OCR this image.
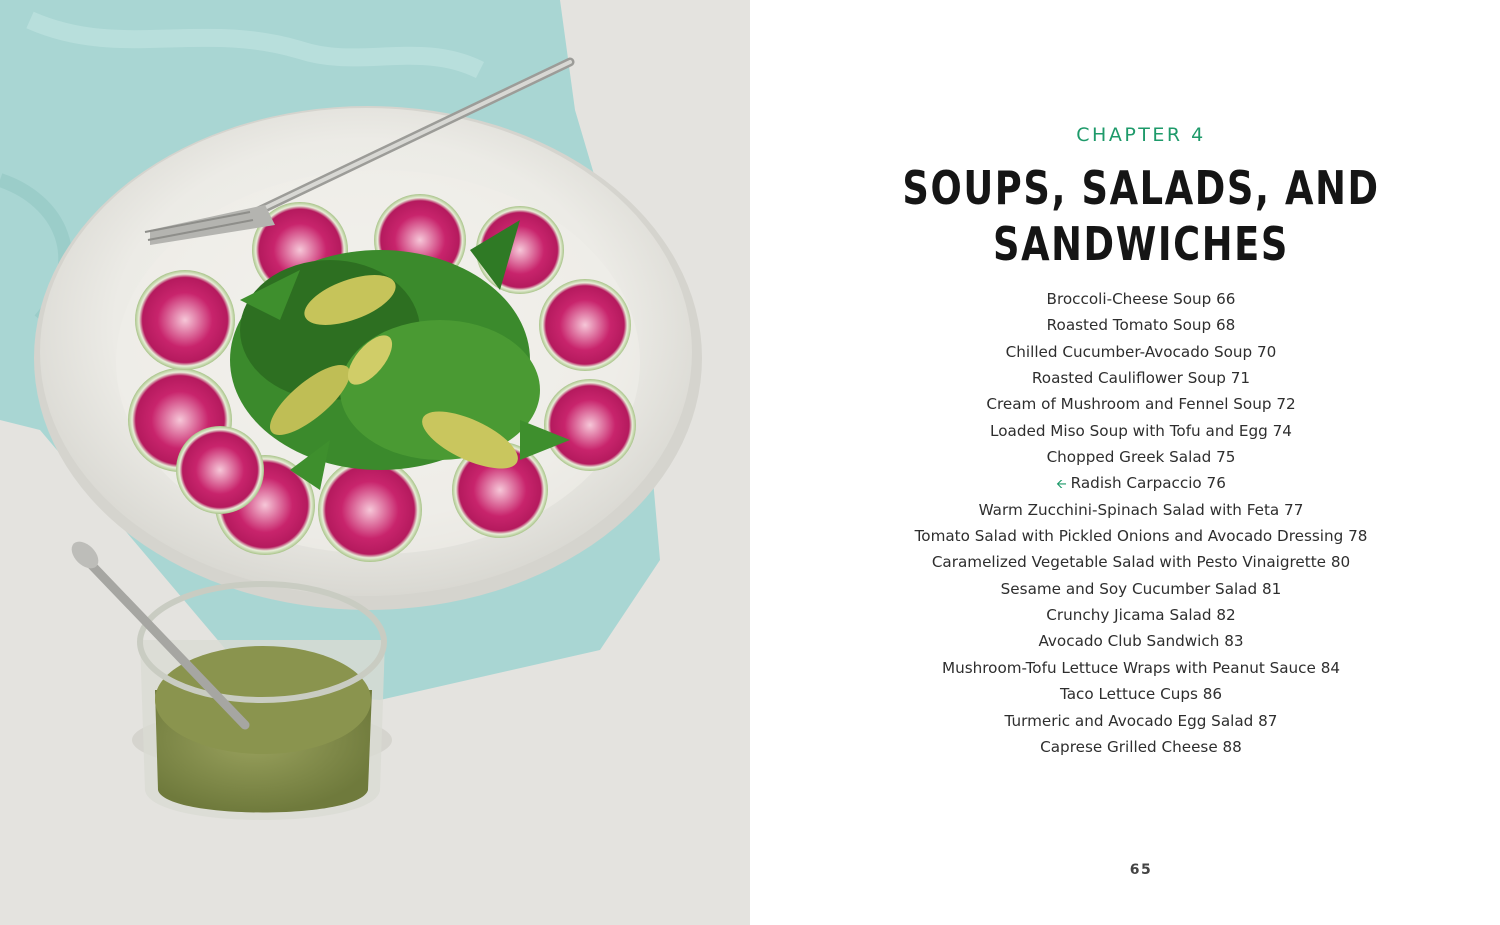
CHAPTER 4
SOUPS, SALADS, AND
SANDWICHES
Broccoli-Cheese Soup 66
Roasted Tomato Soup 68
Chilled Cucumber-Avocado Soup 70
Roasted Cauliflower Soup 71
Cream of Mushroom and Fennel Soup 72
Loaded Miso Soup with Tofu and Egg 74
Chopped Greek Salad 75
🡨 Radish Carpaccio 76
Warm Zucchini-Spinach Salad with Feta 77
Tomato Salad with Pickled Onions and Avocado Dressing 78
Caramelized Vegetable Salad with Pesto Vinaigrette 80
Sesame and Soy Cucumber Salad 81
Crunchy Jicama Salad 82
Avocado Club Sandwich 83
Mushroom-Tofu Lettuce Wraps with Peanut Sauce 84
Taco Lettuce Cups 86
Turmeric and Avocado Egg Salad 87
Caprese Grilled Cheese 88
65
